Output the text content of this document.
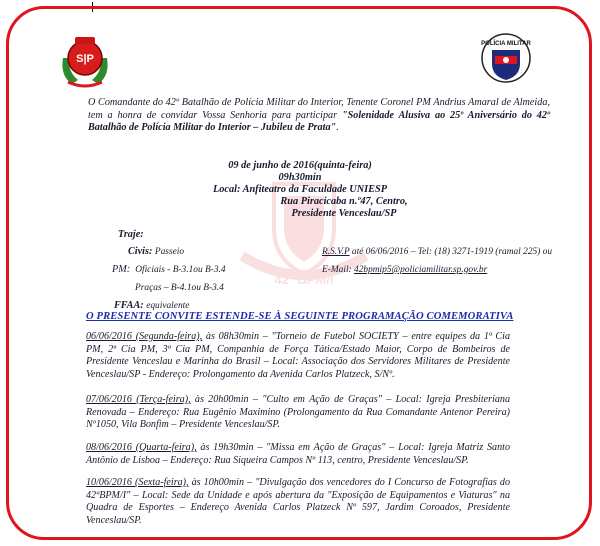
42º BPM/I
S|P
POLÍCIA MILITAR
O Comandante do 42º Batalhão de Polícia Militar do Interior, Tenente Coronel PM Andrius Amaral de Almeida, tem a honra de convidar Vossa Senhoria para participar "Solenidade Alusiva ao 25º Aniversário do 42º Batalhão de Polícia Militar do Interior – Jubileu de Prata".
09 de junho de 2016(quinta-feira)
09h30min
Local: Anfiteatro da Faculdade UNIESP
Rua Piracicaba n.º47, Centro,
Presidente Venceslau/SP
Traje:
Civis: Passeio
PM: Oficiais - B-3.1ou B-3.4
Praças – B-4.1ou B-3.4
FFAA: equivalente
R.S.V.P até 06/06/2016 – Tel: (18) 3271-1919 (ramal 225) ou
E-Mail: 42bpmip5@policiamilitar.sp.gov.br
O PRESENTE CONVITE ESTENDE-SE À SEGUINTE PROGRAMAÇÃO COMEMORATIVA
06/06/2016 (Segunda-feira), às 08h30min – "Torneio de Futebol SOCIETY – entre equipes da 1ª Cia PM, 2ª Cia PM, 3ª Cia PM, Companhia de Força Tática/Estado Maior, Corpo de Bombeiros de Presidente Venceslau e Marinha do Brasil – Local: Associação dos Servidores Militares de Presidente Venceslau/SP - Endereço: Prolongamento da Avenida Carlos Platzeck, S/Nº.
07/06/2016 (Terça-feira), às 20h00min – "Culto em Ação de Graças" – Local: Igreja Presbiteriana Renovada – Endereço: Rua Eugênio Maximino (Prolongamento da Rua Comandante Antenor Pereira) Nº1050, Vila Bonfim – Presidente Venceslau/SP.
08/06/2016 (Quarta-feira), às 19h30min – "Missa em Ação de Graças" – Local: Igreja Matriz Santo Antônio de Lisboa – Endereço: Rua Siqueira Campos Nº 113, centro, Presidente Venceslau/SP.
10/06/2016 (Sexta-feira), às 10h00min – "Divulgação dos vencedores do I Concurso de Fotografias do 42ºBPM/I" – Local: Sede da Unidade e após abertura da "Exposição de Equipamentos e Viaturas" na Quadra de Esportes – Endereço Avenida Carlos Platzeck Nº 597, Jardim Coroados, Presidente Venceslau/SP.
